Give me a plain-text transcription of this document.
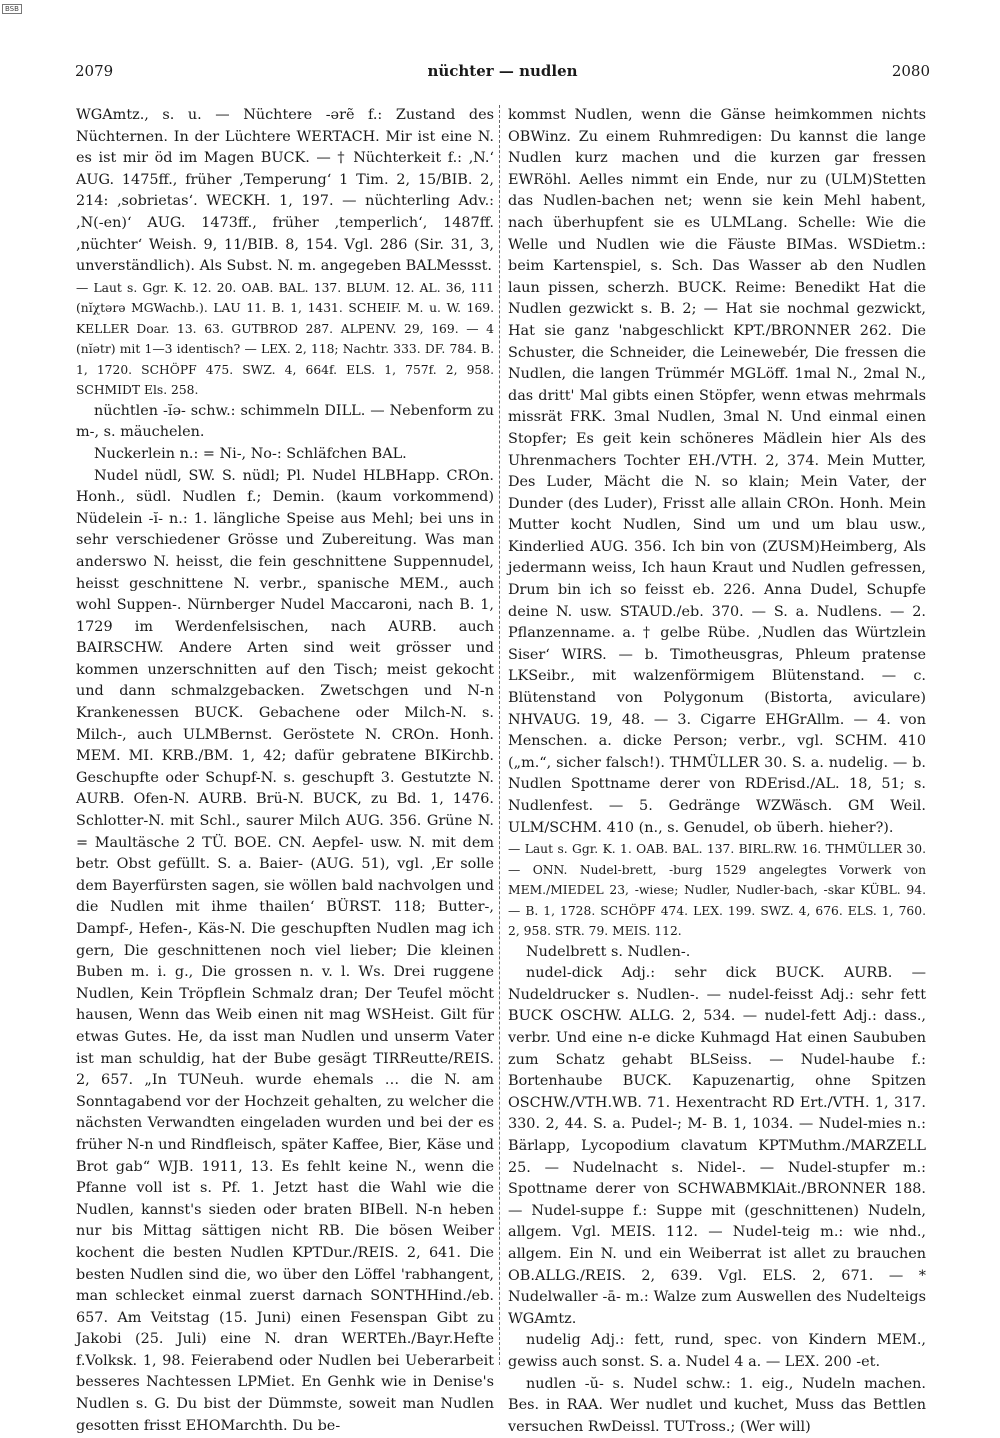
BSB
2079	nüchter — nudlen	2080

WGAmtz., s. u. — Nüchtere -ərẽ f.: Zustand des Nüchternen. In der Lüchtere WERTACH. Mir ist eine N. es ist mir öd im Magen BUCK. — † Nüchterkeit f.: ‚N.‘ AUG. 1475ff., früher ‚Temperung‘ 1 Tim. 2, 15/BIB. 2, 214: ‚sobrietas‘. WECKH. 1, 197. — nüchterling Adv.: ‚N(-en)‘ AUG. 1473ff., früher ‚temperlich‘, 1487ff. ‚nüchter‘ Weish. 9, 11/BIB. 8, 154. Vgl. 286 (Sir. 31, 3, unverständlich). Als Subst. N. m. angegeben BALMessst.

— Laut s. Ggr. K. 12. 20. OAB. BAL. 137. BLUM. 12. AL. 36, 111 (nĭχtərə MGWachb.). LAU 11. B. 1, 1431. SCHEIF. M. u. W. 169. KELLER Doar. 13. 63. GUTBROD 287. ALPENV. 29, 169. — 4 (nĭətr) mit 1—3 identisch? — LEX. 2, 118; Nachtr. 333. DF. 784. B. 1, 1720. SCHÖPF 475. SWZ. 4, 664f. ELS. 1, 757f. 2, 958. SCHMIDT Els. 258.

nüchtlen -ĭə- schw.: schimmeln DILL. — Nebenform zu m-, s. mäuchelen.

Nuckerlein n.: = Ni-, No-: Schläfchen BAL.

Nudel nüdl, SW. S. nüdl; Pl. Nudel HLBHapp. CROn. Honh., südl. Nudlen f.; Demin. (kaum vorkommend) Nüdelein -ĭ- n.: 1. längliche Speise aus Mehl; bei uns in sehr verschiedener Grösse und Zubereitung. Was man anderswo N. heisst, die fein geschnittene Suppennudel, heisst geschnittene N. verbr., spanische MEM., auch wohl Suppen-. Nürnberger Nudel Maccaroni, nach B. 1, 1729 im Werdenfelsischen, nach AURB. auch BAIRSCHW. Andere Arten sind weit grösser und kommen unzerschnitten auf den Tisch; meist gekocht und dann schmalzgebacken. Zwetschgen und N-n Krankenessen BUCK. Gebachene oder Milch-N. s. Milch-, auch ULMBernst. Geröstete N. CROn. Honh. MEM. MI. KRB./BM. 1, 42; dafür gebratene BIKirchb. Geschupfte oder Schupf-N. s. geschupft 3. Gestutzte N. AURB. Ofen-N. AURB. Brü-N. BUCK, zu Bd. 1, 1476. Schlotter-N. mit Schl., saurer Milch AUG. 356. Grüne N. = Maultäsche 2 TÜ. BOE. CN. Aepfel- usw. N. mit dem betr. Obst gefüllt. S. a. Baier- (AUG. 51), vgl. ‚Er solle dem Bayerfürsten sagen, sie wöllen bald nachvolgen und die Nudlen mit ihme thailen‘ BÜRST. 118; Butter-, Dampf-, Hefen-, Käs-N. Die geschupften Nudlen mag ich gern, Die geschnittenen noch viel lieber; Die kleinen Buben m. i. g., Die grossen n. v. l. Ws. Drei ruggene Nudlen, Kein Tröpflein Schmalz dran; Der Teufel möcht hausen, Wenn das Weib einen nit mag WSHeist. Gilt für etwas Gutes. He, da isst man Nudlen und unserm Vater ist man schuldig, hat der Bube gesägt TIRReutte/REIS. 2, 657. „In TUNeuh. wurde ehemals … die N. am Sonntagabend vor der Hochzeit gehalten, zu welcher die nächsten Verwandten eingeladen wurden und bei der es früher N-n und Rindfleisch, später Kaffee, Bier, Käse und Brot gab“ WJB. 1911, 13. Es fehlt keine N., wenn die Pfanne voll ist s. Pf. 1. Jetzt hast die Wahl wie die Nudlen, kannst's sieden oder braten BIBell. N-n heben nur bis Mittag sättigen nicht RB. Die bösen Weiber kochent die besten Nudlen KPTDur./REIS. 2, 641. Die besten Nudlen sind die, wo über den Löffel 'rabhangent, man schlecket einmal zuerst darnach SONTHHind./eb. 657. Am Veitstag (15. Juni) einen Fesenspan Gibt zu Jakobi (25. Juli) eine N. dran WERTEh./Bayr.Hefte f.Volksk. 1, 98. Feierabend oder Nudlen bei Ueberarbeit besseres Nachtessen LPMiet. En Genhk wie in Denise's Nudlen s. G. Du bist der Dümmste, soweit man Nudlen gesotten frisst EHOMarchth. Du be-

kommst Nudlen, wenn die Gänse heimkommen nichts OBWinz. Zu einem Ruhmredigen: Du kannst die lange Nudlen kurz machen und die kurzen gar fressen EWRöhl. Aelles nimmt ein Ende, nur zu (ULM)Stetten das Nudlen-bachen net; wenn sie kein Mehl habent, nach überhupfent sie es ULMLang. Schelle: Wie die Welle und Nudlen wie die Fäuste BIMas. WSDietm.: beim Kartenspiel, s. Sch. Das Wasser ab den Nudlen laun pissen, scherzh. BUCK. Reime: Benedikt Hat die Nudlen gezwickt s. B. 2; — Hat sie nochmal gezwickt, Hat sie ganz 'nabgeschlickt KPT./BRONNER 262. Die Schuster, die Schneider, die Leinewebér, Die fressen die Nudlen, die langen Trümmér MGLöff. 1mal N., 2mal N., das dritt' Mal gibts einen Stöpfer, wenn etwas mehrmals missrät FRK. 3mal Nudlen, 3mal N. Und einmal einen Stopfer; Es geit kein schöneres Mädlein hier Als des Uhrenmachers Tochter EH./VTH. 2, 374. Mein Mutter, Des Luder, Mächt die N. so klain; Mein Vater, der Dunder (des Luder), Frisst alle allain CROn. Honh. Mein Mutter kocht Nudlen, Sind um und um blau usw., Kinderlied AUG. 356. Ich bin von (ZUSM)Heimberg, Als jedermann weiss, Ich haun Kraut und Nudlen gefressen, Drum bin ich so feisst eb. 226. Anna Dudel, Schupfe deine N. usw. STAUD./eb. 370. — S. a. Nudlens. — 2. Pflanzenname. a. † gelbe Rübe. ‚Nudlen das Würtzlein Siser‘ WIRS. — b. Timotheusgras, Phleum pratense LKSeibr., mit walzenförmigem Blütenstand. — c. Blütenstand von Polygonum (Bistorta, aviculare) NHVAUG. 19, 48. — 3. Cigarre EHGrAllm. — 4. von Menschen. a. dicke Person; verbr., vgl. SCHM. 410 („m.“, sicher falsch!). THMÜLLER 30. S. a. nudelig. — b. Nudlen Spottname derer von RDErisd./AL. 18, 51; s. Nudlenfest. — 5. Gedränge WZWäsch. GM Weil. ULM/SCHM. 410 (n., s. Genudel, ob überh. hieher?).

— Laut s. Ggr. K. 1. OAB. BAL. 137. BIRL.RW. 16. THMÜLLER 30. — ONN. Nudel-brett, -burg 1529 angelegtes Vorwerk von MEM./MIEDEL 23, -wiese; Nudler, Nudler-bach, -skar KÜBL. 94. — B. 1, 1728. SCHÖPF 474. LEX. 199. SWZ. 4, 676. ELS. 1, 760. 2, 958. STR. 79. MEIS. 112.

Nudelbrett s. Nudlen-.

nudel-dick Adj.: sehr dick BUCK. AURB. — Nudeldrucker s. Nudlen-. — nudel-feisst Adj.: sehr fett BUCK OSCHW. ALLG. 2, 534. — nudel-fett Adj.: dass., verbr. Und eine n-e dicke Kuhmagd Hat einen Saububen zum Schatz gehabt BLSeiss. — Nudel-haube f.: Bortenhaube BUCK. Kapuzenartig, ohne Spitzen OSCHW./VTH.WB. 71. Hexentracht RD Ert./VTH. 1, 317. 330. 2, 44. S. a. Pudel-; M- B. 1, 1034. — Nudel-mies n.: Bärlapp, Lycopodium clavatum KPTMuthm./MARZELL 25. — Nudelnacht s. Nidel-. — Nudel-stupfer m.: Spottname derer von SCHWABMKlAit./BRONNER 188. — Nudel-suppe f.: Suppe mit (geschnittenen) Nudeln, allgem. Vgl. MEIS. 112. — Nudel-teig m.: wie nhd., allgem. Ein N. und ein Weiberrat ist allet zu brauchen OB.ALLG./REIS. 2, 639. Vgl. ELS. 2, 671. — * Nudelwaller -ā- m.: Walze zum Auswellen des Nudelteigs WGAmtz.

nudelig Adj.: fett, rund, spec. von Kindern MEM., gewiss auch sonst. S. a. Nudel 4 a. — LEX. 200 -et.

nudlen -ŭ- s. Nudel schw.: 1. eig., Nudeln machen. Bes. in RAA. Wer nudlet und kuchet, Muss das Bettlen versuchen RwDeissl. TUTross.; (Wer will)
